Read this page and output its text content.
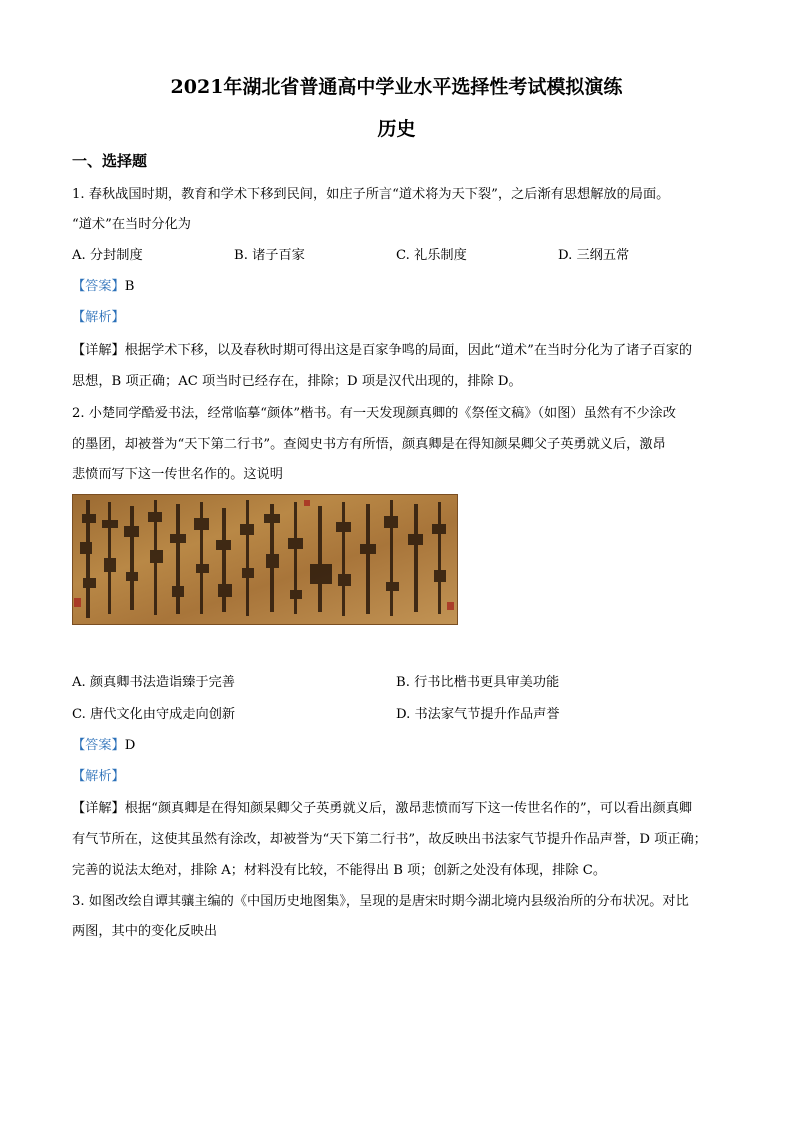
2021年湖北省普通高中学业水平选择性考试模拟演练
历史
一、选择题
1. 春秋战国时期，教育和学术下移到民间，如庄子所言“道术将为天下裂”，之后渐有思想解放的局面。
“道术”在当时分化为
A. 分封制度	B. 诸子百家	C. 礼乐制度	D. 三纲五常
【答案】B
【解析】
【详解】根据学术下移，以及春秋时期可得出这是百家争鸣的局面，因此“道术”在当时分化为了诸子百家的
思想，B 项正确；AC 项当时已经存在，排除；D 项是汉代出现的，排除 D。
2. 小楚同学酷爱书法，经常临摹“颜体”楷书。有一天发现颜真卿的《祭侄文稿》（如图）虽然有不少涂改
的墨团，却被誉为“天下第二行书”。查阅史书方有所悟，颜真卿是在得知颜杲卿父子英勇就义后，激昂
悲愤而写下这一传世名作的。这说明
A. 颜真卿书法造诣臻于完善	B. 行书比楷书更具审美功能
C. 唐代文化由守成走向创新	D. 书法家气节提升作品声誉
【答案】D
【解析】
【详解】根据“颜真卿是在得知颜杲卿父子英勇就义后，激昂悲愤而写下这一传世名作的”，可以看出颜真卿
有气节所在，这使其虽然有涂改，却被誉为“天下第二行书”，故反映出书法家气节提升作品声誉，D 项正确；
完善的说法太绝对，排除 A；材料没有比较，不能得出 B 项；创新之处没有体现，排除 C。
3. 如图改绘自谭其骧主编的《中国历史地图集》，呈现的是唐宋时期今湖北境内县级治所的分布状况。对比
两图，其中的变化反映出
